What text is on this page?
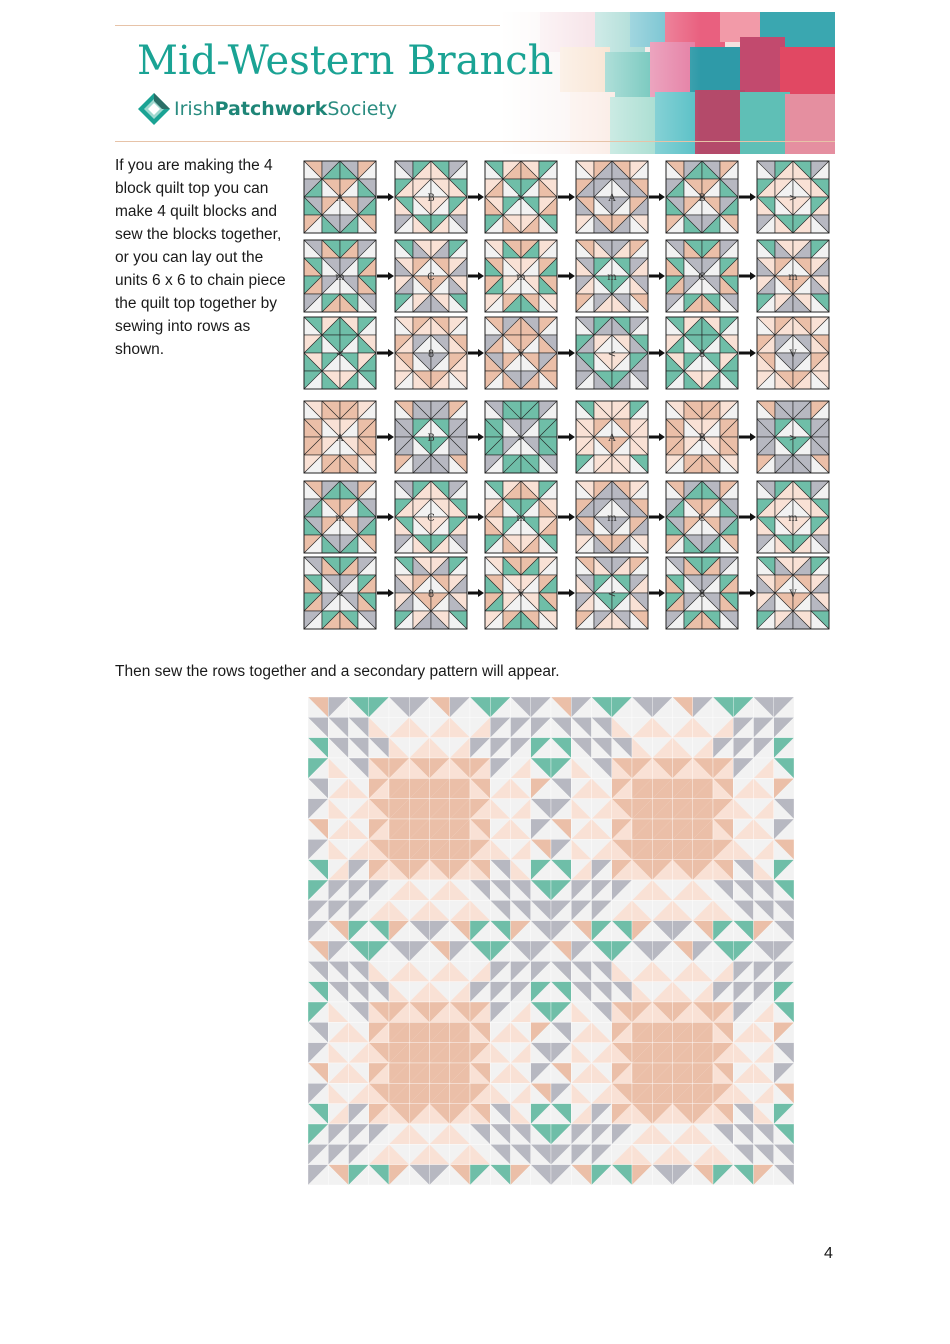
Mid-Western Branch
IrishPatchworkSociety
If you are making the 4 block quilt top you can make 4 quilt blocks and sew the blocks together, or you can lay out the units 6 x 6 to chain piece the quilt top together by sewing into rows as shown.
A	B	>	A	B	>
m	C	m	m	C	m
<	8	V	<	8	V
A	B	>	A	B	>
m	C	m	m	C	m
<	8	V	<	8	V
Then sew the rows together and a secondary pattern will appear.
4
